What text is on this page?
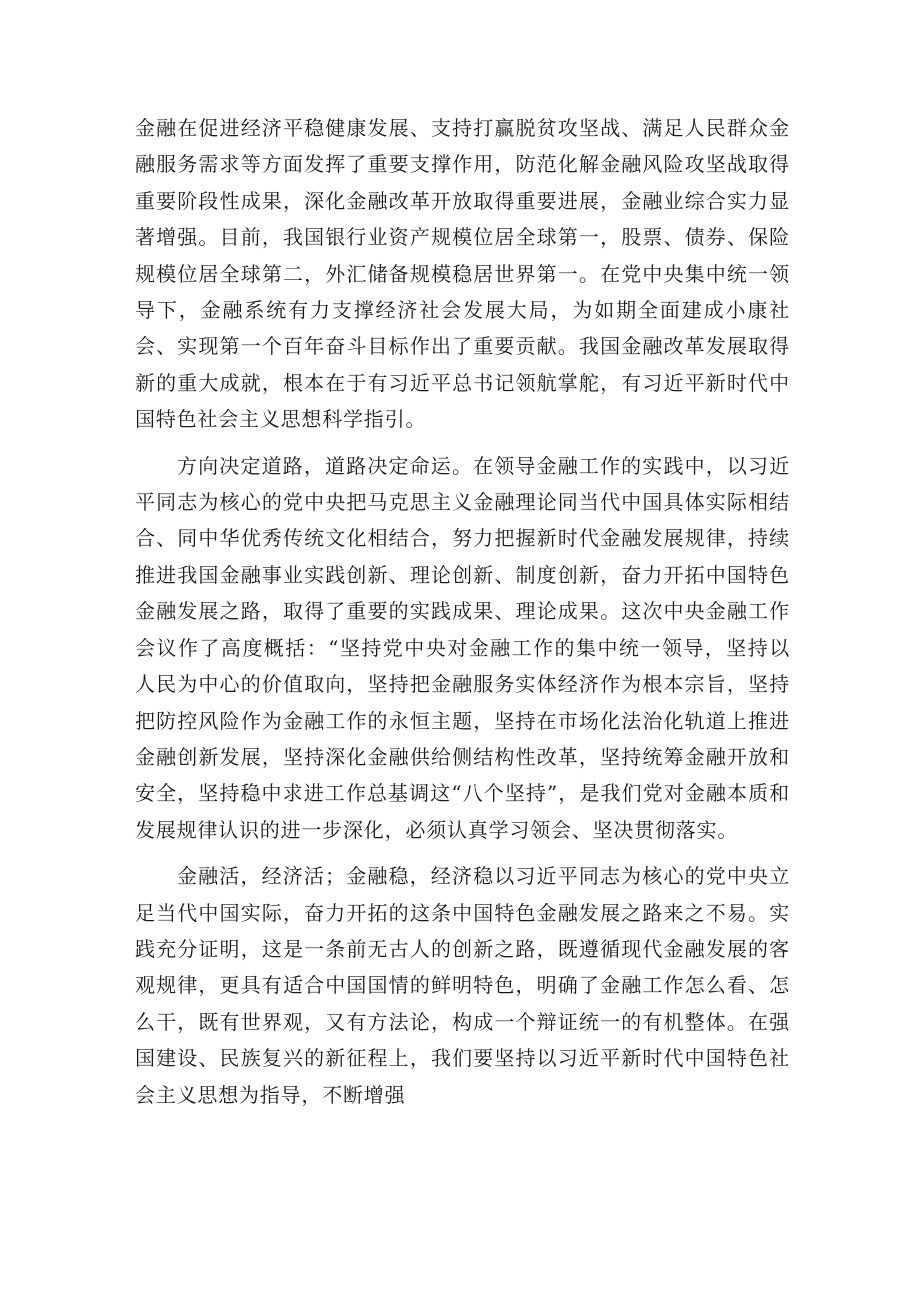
金融在促进经济平稳健康发展、支持打赢脱贫攻坚战、满足人民群众金融服务需求等方面发挥了重要支撑作用，防范化解金融风险攻坚战取得重要阶段性成果，深化金融改革开放取得重要进展，金融业综合实力显著增强。目前，我国银行业资产规模位居全球第一，股票、债券、保险规模位居全球第二，外汇储备规模稳居世界第一。在党中央集中统一领导下，金融系统有力支撑经济社会发展大局，为如期全面建成小康社会、实现第一个百年奋斗目标作出了重要贡献。我国金融改革发展取得新的重大成就，根本在于有习近平总书记领航掌舵，有习近平新时代中国特色社会主义思想科学指引。

方向决定道路，道路决定命运。在领导金融工作的实践中，以习近平同志为核心的党中央把马克思主义金融理论同当代中国具体实际相结合、同中华优秀传统文化相结合，努力把握新时代金融发展规律，持续推进我国金融事业实践创新、理论创新、制度创新，奋力开拓中国特色金融发展之路，取得了重要的实践成果、理论成果。这次中央金融工作会议作了高度概括：“坚持党中央对金融工作的集中统一领导，坚持以人民为中心的价值取向，坚持把金融服务实体经济作为根本宗旨，坚持把防控风险作为金融工作的永恒主题，坚持在市场化法治化轨道上推进金融创新发展，坚持深化金融供给侧结构性改革，坚持统筹金融开放和安全，坚持稳中求进工作总基调这“八个坚持”，是我们党对金融本质和发展规律认识的进一步深化，必须认真学习领会、坚决贯彻落实。

金融活，经济活；金融稳，经济稳以习近平同志为核心的党中央立足当代中国实际，奋力开拓的这条中国特色金融发展之路来之不易。实践充分证明，这是一条前无古人的创新之路，既遵循现代金融发展的客观规律，更具有适合中国国情的鲜明特色，明确了金融工作怎么看、怎么干，既有世界观，又有方法论，构成一个辩证统一的有机整体。在强国建设、民族复兴的新征程上，我们要坚持以习近平新时代中国特色社会主义思想为指导，不断增强
